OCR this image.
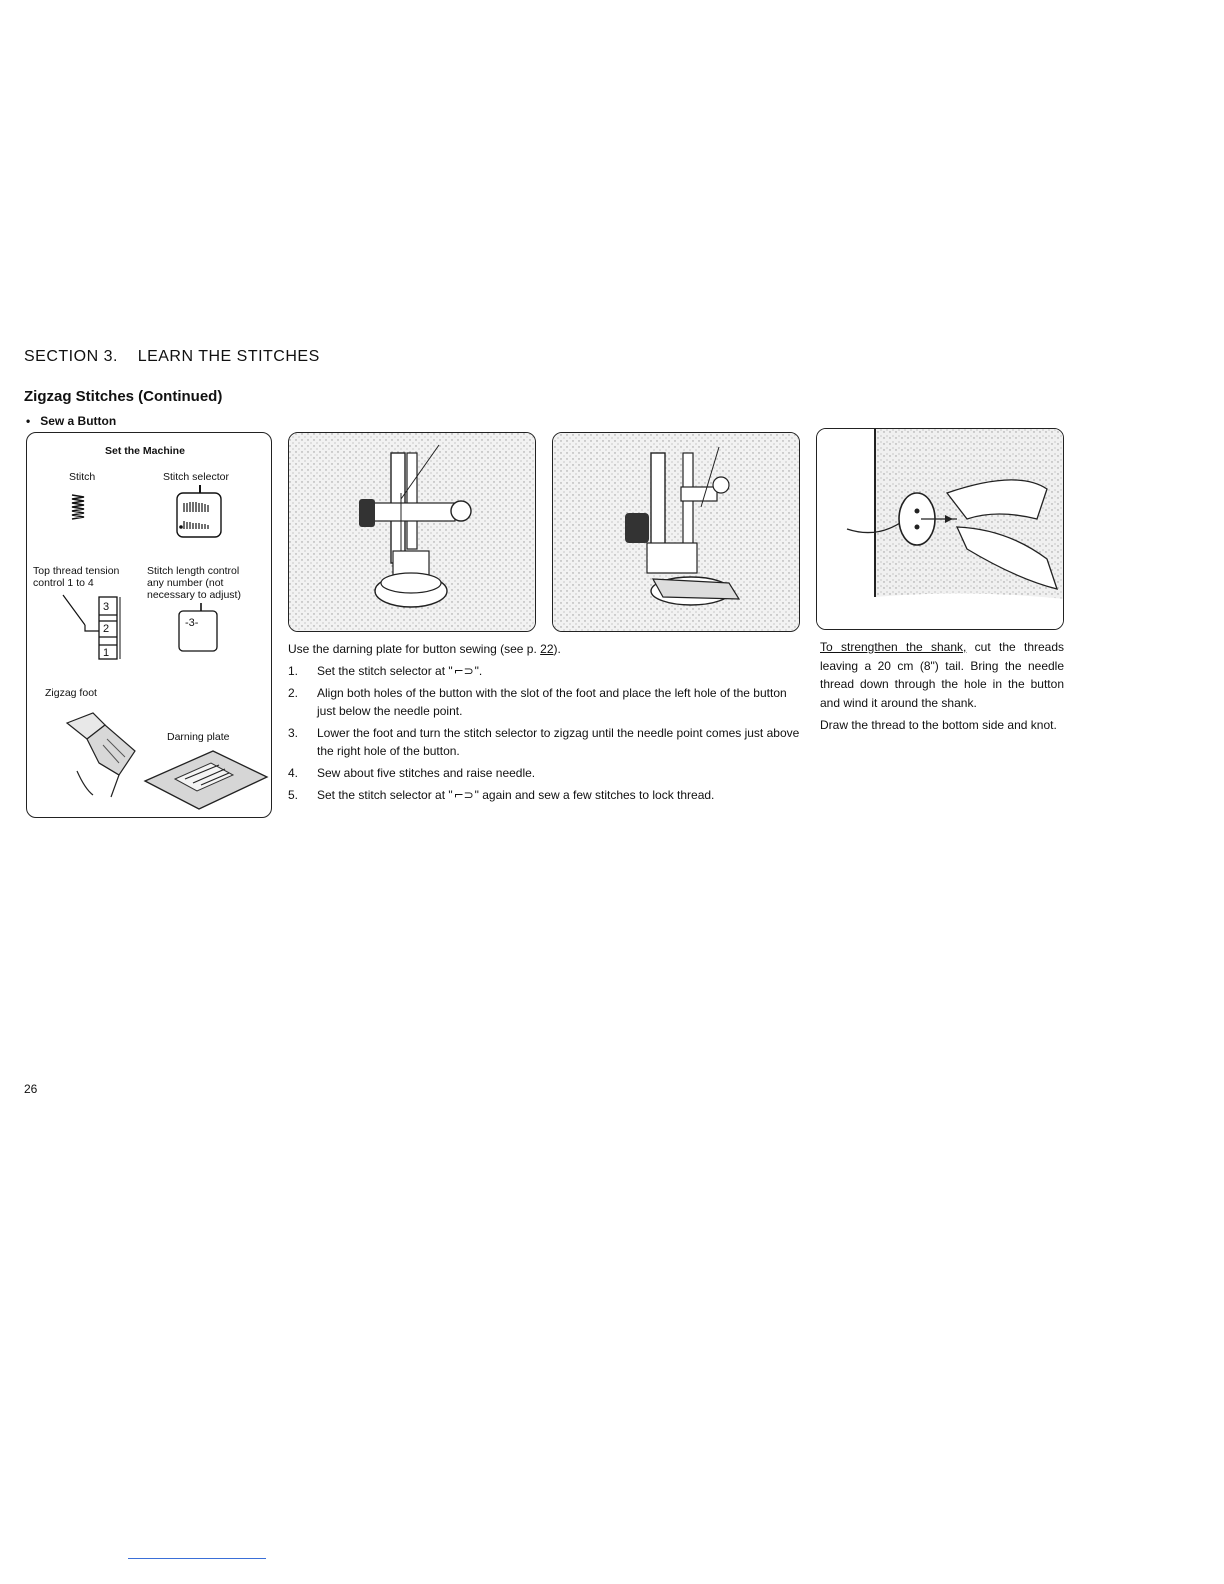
SECTION 3. LEARN THE STITCHES
Zigzag Stitches (Continued)
•   Sew a Button
Set the Machine
Stitch	Stitch selector
Top thread tension
control 1 to 4
Stitch length control
any number (not
necessary to adjust)
3
2
1
-3-
Zigzag foot
Darning plate

Use the darning plate for button sewing (see p. 22).

1.	Set the stitch selector at "⌐⊃".
2.	Align both holes of the button with the slot of the foot and place the left hole of the button just below the needle point.
3.	Lower the foot and turn the stitch selector to zigzag until the needle point comes just above the right hole of the button.
4.	Sew about five stitches and raise needle.
5.	Set the stitch selector at "⌐⊃" again and sew a few stitches to lock thread.

To strengthen the shank, cut the threads leaving a 20 cm (8") tail. Bring the needle thread down through the hole in the button and wind it around the shank.

Draw the thread to the bottom side and knot.

26
